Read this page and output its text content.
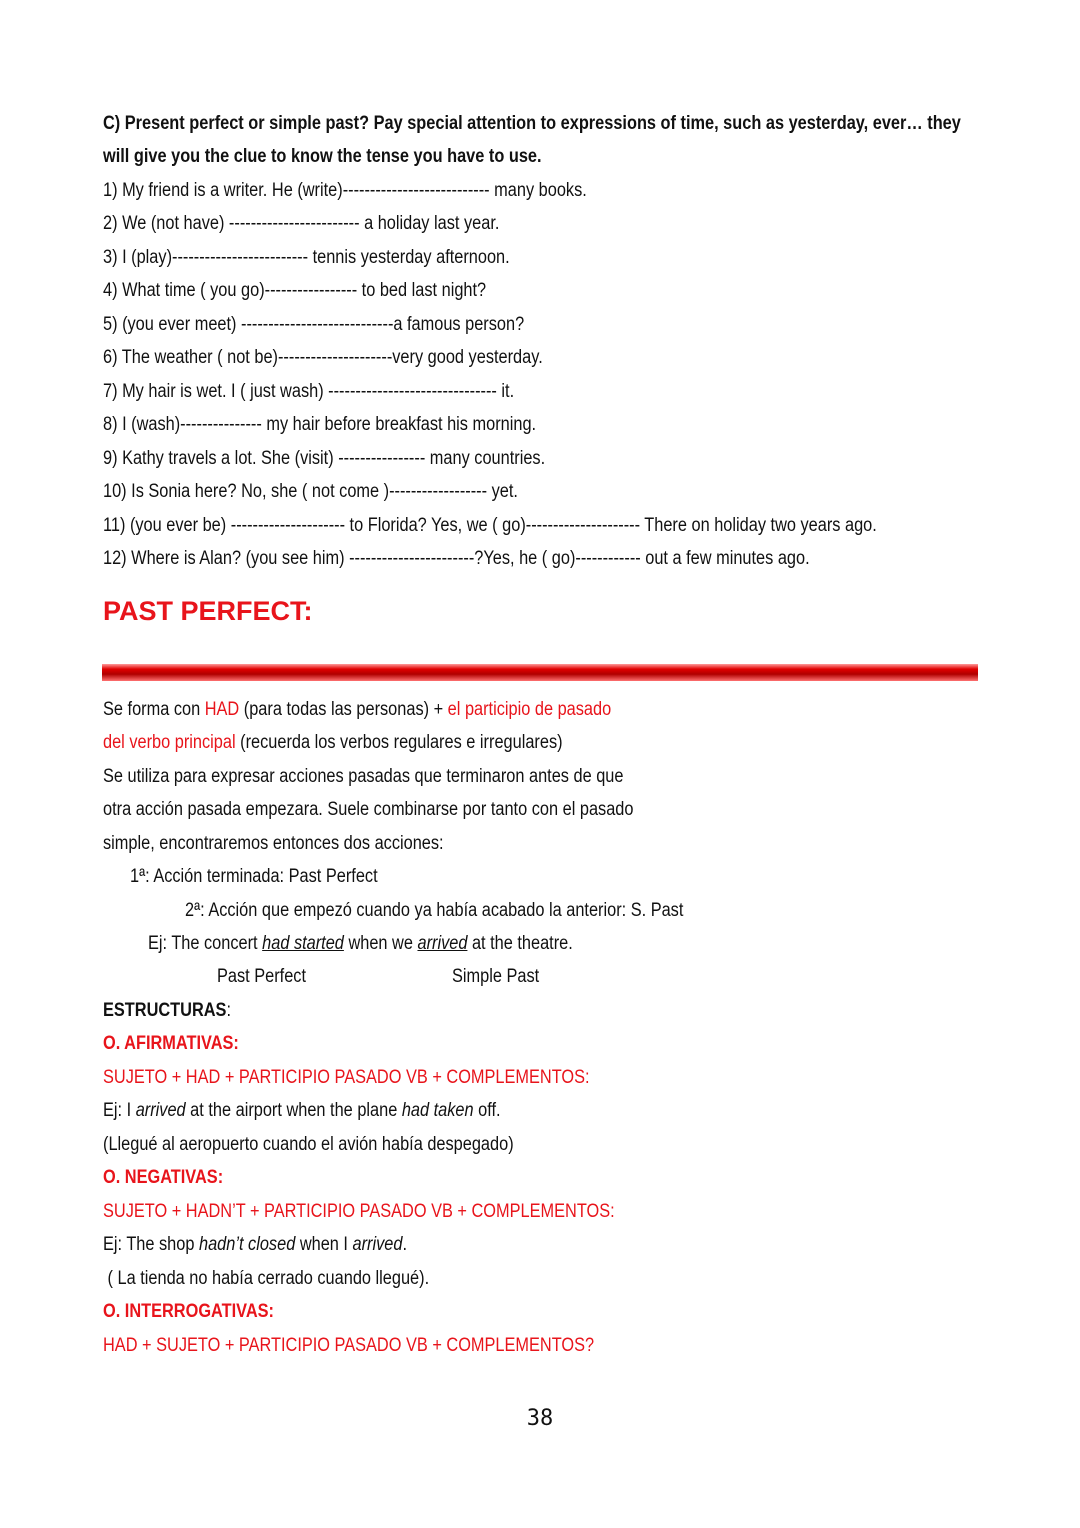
C) Present perfect or simple past? Pay special attention to expressions of time, such as yesterday, ever… they
will give you the clue to know the tense you have to use.
1) My friend is a writer. He (write)--------------------------- many books.
2) We (not have) ------------------------ a holiday last year.
3) I (play)------------------------- tennis yesterday afternoon.
4) What time ( you go)----------------- to bed last night?
5) (you ever meet) ----------------------------a famous person?
6) The weather ( not be)---------------------very good yesterday.
7) My hair is wet. I ( just wash) ------------------------------- it.
8) I (wash)--------------- my hair before breakfast his morning.
9) Kathy travels a lot. She (visit) ---------------- many countries.
10) Is Sonia here? No, she ( not come )------------------ yet.
11) (you ever be) --------------------- to Florida? Yes, we ( go)--------------------- There on holiday two years ago.
12) Where is Alan? (you see him) -----------------------?Yes, he ( go)------------ out a few minutes ago.
PAST PERFECT:
Se forma con HAD (para todas las personas) + el participio de pasado
del verbo principal (recuerda los verbos regulares e irregulares)
Se utiliza para expresar acciones pasadas que terminaron antes de que
otra acción pasada empezara. Suele combinarse por tanto con el pasado
simple, encontraremos entonces dos acciones:
1ª: Acción terminada: Past Perfect
2ª: Acción que empezó cuando ya había acabado la anterior: S. Past
Ej: The concert had started when we arrived at the theatre.
Past Perfect	Simple Past
ESTRUCTURAS:
O. AFIRMATIVAS:
SUJETO + HAD + PARTICIPIO PASADO VB + COMPLEMENTOS:
Ej: I arrived at the airport when the plane had taken off.
(Llegué al aeropuerto cuando el avión había despegado)
O. NEGATIVAS:
SUJETO + HADN’T + PARTICIPIO PASADO VB + COMPLEMENTOS:
Ej: The shop hadn’t closed when I arrived.
( La tienda no había cerrado cuando llegué).
O. INTERROGATIVAS:
HAD + SUJETO + PARTICIPIO PASADO VB + COMPLEMENTOS?
38
